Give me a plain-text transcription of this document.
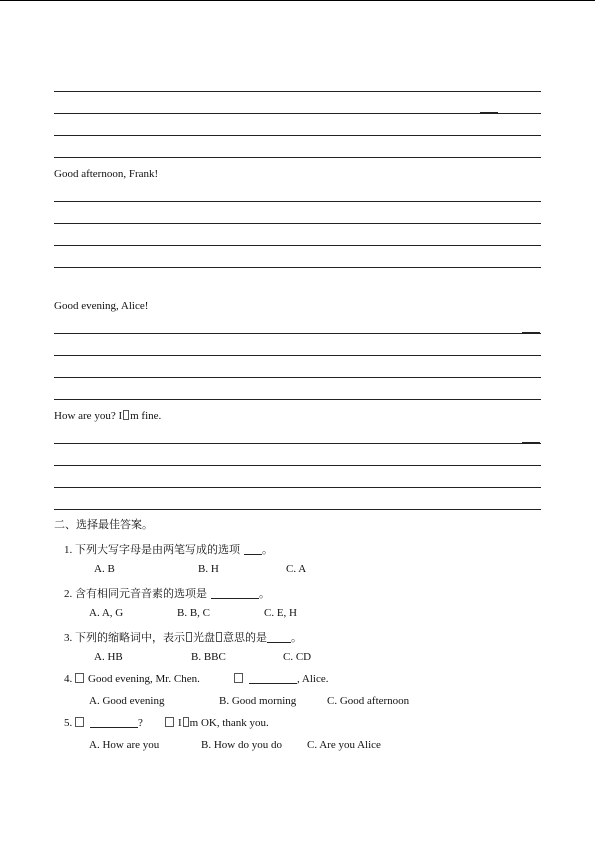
Good afternoon, Frank!
Good evening, Alice!
How are you? I m fine.
二、选择最佳答案。
1. 下列大写字母是由两笔写成的选项 。
A. B	B. H	C. A
2. 含有相同元音音素的选项是	。
A. A, G	B. B, C	C. E, H
3. 下列的缩略词中，表示 光盘 意思的是 。
A. HB	B. BBC	C. CD
4. Good evening, Mr. Chen.	, Alice.
A. Good evening	B. Good morning	C. Good afternoon
5.	?	I m OK, thank you.
A. How are you	B. How do you do C. Are you Alice
